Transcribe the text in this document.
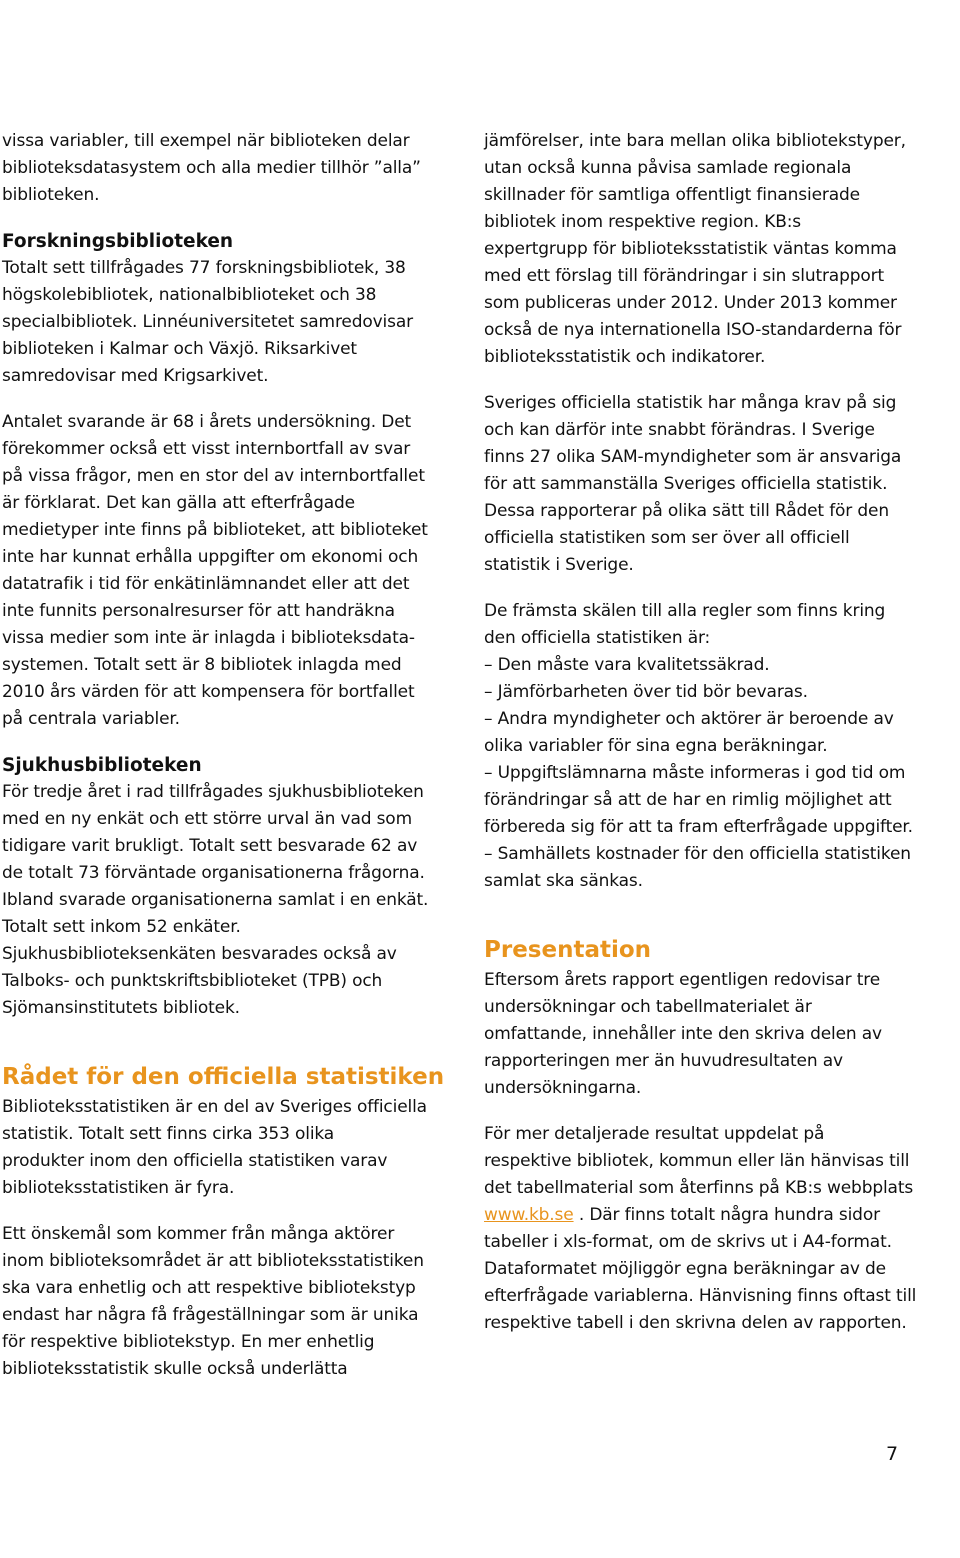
vissa variabler, till exempel när biblioteken delar
biblioteksdatasystem och alla medier tillhör ”alla”
biblioteken.
Forskningsbiblioteken
Totalt sett tillfrågades 77 forskningsbibliotek, 38
högskolebibliotek, nationalbiblioteket och 38
specialbibliotek. Linnéuniversitetet samredovisar
biblioteken i Kalmar och Växjö. Riksarkivet
samredovisar med Krigsarkivet.
Antalet svarande är 68 i årets undersökning. Det
förekommer också ett visst internbortfall av svar
på vissa frågor, men en stor del av internbortfallet
är förklarat. Det kan gälla att efterfrågade
medietyper inte finns på biblioteket, att biblioteket
inte har kunnat erhålla uppgifter om ekonomi och
datatrafik i tid för enkätinlämnandet eller att det
inte funnits personalresurser för att handräkna
vissa medier som inte är inlagda i biblioteksdata-
systemen. Totalt sett är 8 bibliotek inlagda med
2010 års värden för att kompensera för bortfallet
på centrala variabler.
Sjukhusbiblioteken
För tredje året i rad tillfrågades sjukhusbiblioteken
med en ny enkät och ett större urval än vad som
tidigare varit brukligt. Totalt sett besvarade 62 av
de totalt 73 förväntade organisationerna frågorna.
Ibland svarade organisationerna samlat i en enkät.
Totalt sett inkom 52 enkäter.
Sjukhusbiblioteksenkäten besvarades också av
Talboks- och punktskriftsbiblioteket (TPB) och
Sjömansinstitutets bibliotek.
Rådet för den officiella statistiken
Biblioteksstatistiken är en del av Sveriges officiella
statistik. Totalt sett finns cirka 353 olika
produkter inom den officiella statistiken varav
biblioteksstatistiken är fyra.
Ett önskemål som kommer från många aktörer
inom biblioteksområdet är att biblioteksstatistiken
ska vara enhetlig och att respektive bibliotekstyp
endast har några få frågeställningar som är unika
för respektive bibliotekstyp. En mer enhetlig
biblioteksstatistik skulle också underlätta
jämförelser, inte bara mellan olika bibliotekstyper,
utan också kunna påvisa samlade regionala
skillnader för samtliga offentligt finansierade
bibliotek inom respektive region. KB:s
expertgrupp för biblioteksstatistik väntas komma
med ett förslag till förändringar i sin slutrapport
som publiceras under 2012. Under 2013 kommer
också de nya internationella ISO-standarderna för
biblioteksstatistik och indikatorer.
Sveriges officiella statistik har många krav på sig
och kan därför inte snabbt förändras. I Sverige
finns 27 olika SAM-myndigheter som är ansvariga
för att sammanställa Sveriges officiella statistik.
Dessa rapporterar på olika sätt till Rådet för den
officiella statistiken som ser över all officiell
statistik i Sverige.
De främsta skälen till alla regler som finns kring
den officiella statistiken är:
– Den måste vara kvalitetssäkrad.
– Jämförbarheten över tid bör bevaras.
– Andra myndigheter och aktörer är beroende av
olika variabler för sina egna beräkningar.
– Uppgiftslämnarna måste informeras i god tid om
förändringar så att de har en rimlig möjlighet att
förbereda sig för att ta fram efterfrågade uppgifter.
– Samhällets kostnader för den officiella statistiken
samlat ska sänkas.
Presentation
Eftersom årets rapport egentligen redovisar tre
undersökningar och tabellmaterialet är
omfattande, innehåller inte den skriva delen av
rapporteringen mer än huvudresultaten av
undersökningarna.
För mer detaljerade resultat uppdelat på
respektive bibliotek, kommun eller län hänvisas till
det tabellmaterial som återfinns på KB:s webbplats
www.kb.se . Där finns totalt några hundra sidor
tabeller i xls-format, om de skrivs ut i A4-format.
Dataformatet möjliggör egna beräkningar av de
efterfrågade variablerna. Hänvisning finns oftast till
respektive tabell i den skrivna delen av rapporten.
7
